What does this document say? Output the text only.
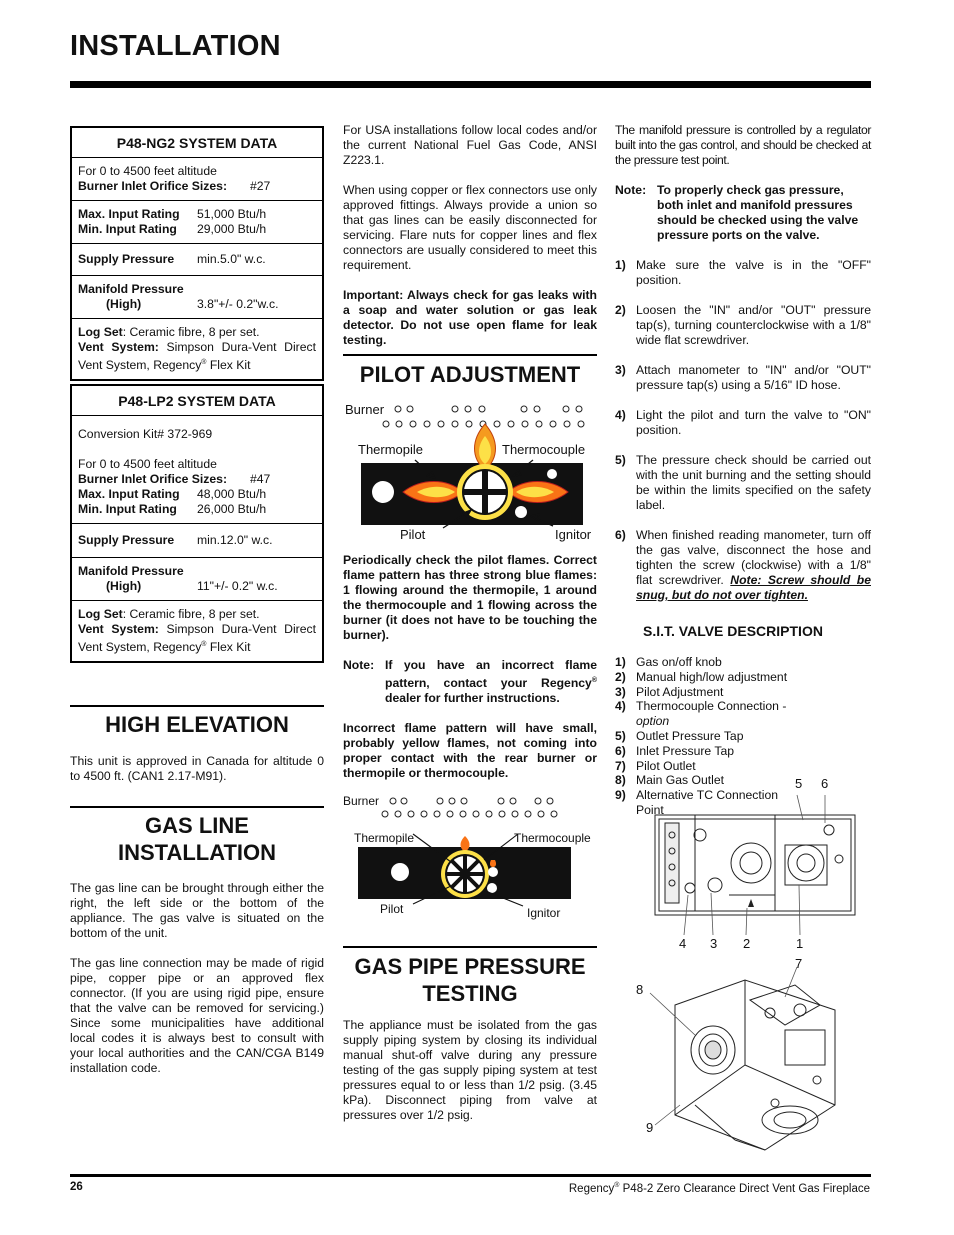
INSTALLATION
P48-NG2 SYSTEM DATA
For 0 to 4500 feet altitude
Burner Inlet Orifice Sizes:	#27
Max. Input Rating	51,000 Btu/h
Min. Input Rating	29,000 Btu/h
Supply Pressure	min.5.0" w.c.
Manifold Pressure
(High)	3.8"+/- 0.2"w.c.
Log Set: Ceramic fibre, 8 per set.
Vent System: Simpson Dura-Vent Direct Vent System, Regency® Flex Kit
P48-LP2 SYSTEM DATA
Conversion Kit# 372-969
For 0 to 4500 feet altitude
Burner Inlet Orifice Sizes:	#47
Max. Input Rating	48,000 Btu/h
Min. Input Rating	26,000 Btu/h
Supply Pressure	min.12.0" w.c.
Manifold Pressure
(High)	11"+/- 0.2" w.c.
Log Set: Ceramic fibre, 8 per set.
Vent System: Simpson Dura-Vent Direct Vent System, Regency® Flex Kit
HIGH ELEVATION
This unit is approved in Canada for altitude 0 to 4500 ft. (CAN1 2.17-M91).
GAS LINE
INSTALLATION

The gas line can be brought through either the right, the left side or the bottom of the appliance. The gas valve is situated on the bottom of the unit.

The gas line connection may be made of rigid pipe, copper pipe or an approved flex connector. (If you are using rigid pipe, ensure that the valve can be removed for servicing.) Since some municipalities have additional local codes it is always best to consult with your local authorities and the CAN/CGA B149 installation code.

For USA installations follow local codes and/or the current National Fuel Gas Code, ANSI Z223.1.

When using copper or flex connectors use only approved fittings. Always provide a union so that gas lines can be easily disconnected for servicing. Flare nuts for copper lines and flex connectors are usually considered to meet this requirement.

Important: Always check for gas leaks with a soap and water solution or gas leak detector. Do not use open flame for leak testing.

PILOT ADJUSTMENT
Burner
Thermopile	Thermocouple
Pilot	Ignitor

Periodically check the pilot flames. Correct flame pattern has three strong blue flames: 1 flowing around the thermopile, 1 around the thermocouple and 1 flowing across the burner (it does not have to be touching the burner).

Note: If you have an incorrect flame pattern, contact your Regency® dealer for further instructions.

Incorrect flame pattern will have small, probably yellow flames, not coming into proper contact with the rear burner or thermopile or thermocouple.

Burner
Thermopile	Thermocouple
Pilot	Ignitor
GAS PIPE PRESSURE
TESTING
The appliance must be isolated from the gas supply piping system by closing its individual manual shut-off valve during any pressure testing of the gas supply piping system at test pressures equal to or less than 1/2 psig. (3.45 kPa). Disconnect piping from valve at pressures over 1/2 psig.
The manifold pressure is controlled by a regulator built into the gas control, and should be checked at the pressure test point.
Note: To properly check gas pressure, both inlet and manifold pressures should be checked using the valve pressure ports on the valve.
1) Make sure the valve is in the "OFF" position.
2) Loosen the "IN" and/or "OUT" pressure tap(s), turning counterclockwise with a 1/8" wide flat screwdriver.
3) Attach manometer to "IN" and/or "OUT" pressure tap(s) using a 5/16" ID hose.
4) Light the pilot and turn the valve to "ON" position.
5) The pressure check should be carried out with the unit burning and the setting should be within the limits specified on the safety label.
6) When finished reading manometer, turn off the gas valve, disconnect the hose and tighten the screw (clockwise) with a 1/8" flat screwdriver. Note: Screw should be snug, but do not over tighten.
S.I.T. VALVE DESCRIPTION
1) Gas on/off knob
2) Manual high/low adjustment
3) Pilot Adjustment
4) Thermocouple Connection - option
5) Outlet Pressure Tap
6) Inlet Pressure Tap
7) Pilot Outlet
8) Main Gas Outlet
9) Alternative TC Connection Point
5 6
4 3 2	1
7
8
9
26	Regency® P48-2 Zero Clearance Direct Vent Gas Fireplace
